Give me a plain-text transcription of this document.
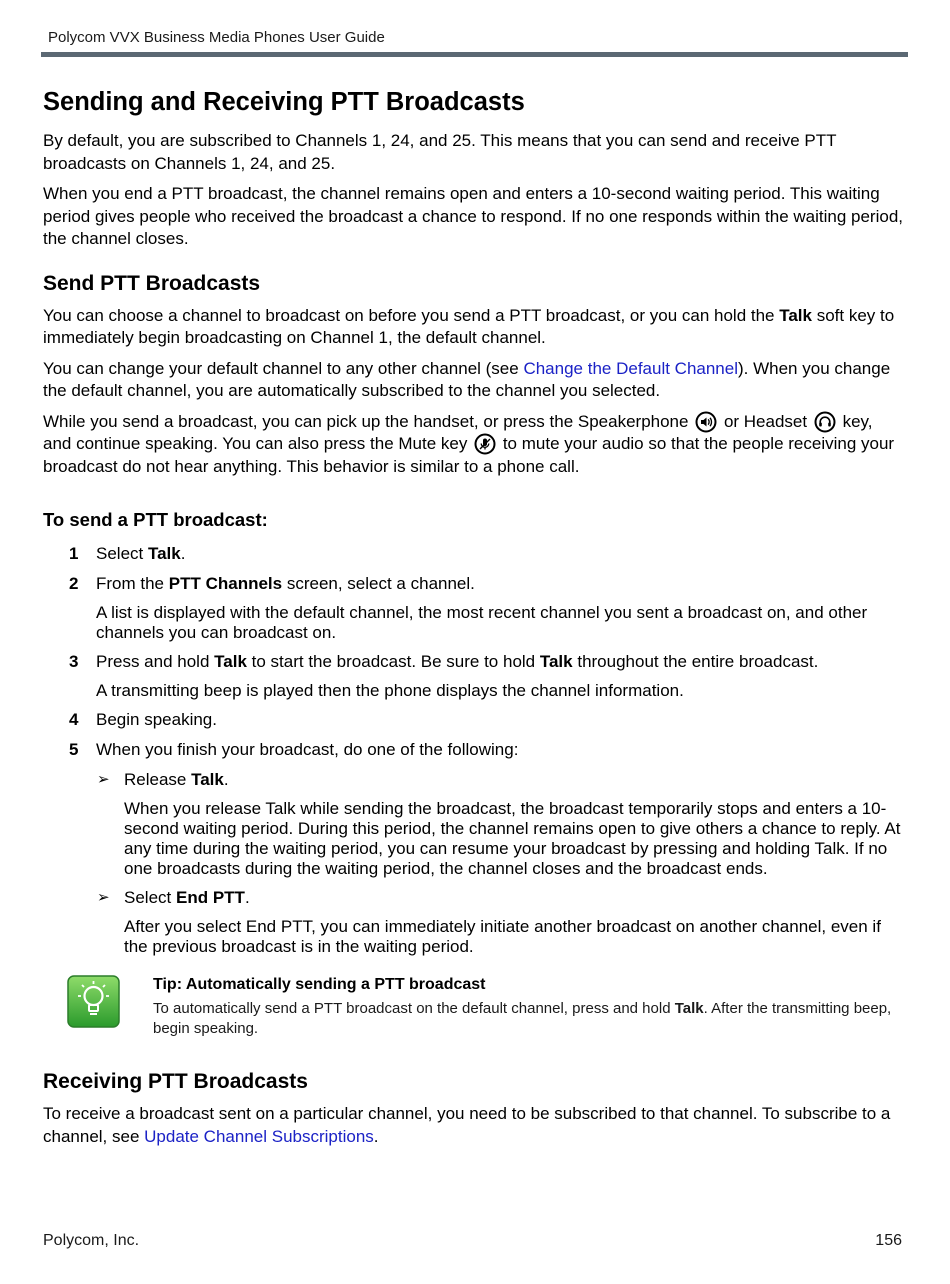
Polycom VVX Business Media Phones User Guide
Sending and Receiving PTT Broadcasts

By default, you are subscribed to Channels 1, 24, and 25. This means that you can send and receive PTT broadcasts on Channels 1, 24, and 25.

When you end a PTT broadcast, the channel remains open and enters a 10-second waiting period. This waiting period gives people who received the broadcast a chance to respond. If no one responds within the waiting period, the channel closes.

Send PTT Broadcasts

You can choose a channel to broadcast on before you send a PTT broadcast, or you can hold the Talk soft key to immediately begin broadcasting on Channel 1, the default channel.

You can change your default channel to any other channel (see Change the Default Channel). When you change the default channel, you are automatically subscribed to the channel you selected.

While you send a broadcast, you can pick up the handset, or press the Speakerphone or Headset key, and continue speaking. You can also press the Mute key to mute your audio so that the people receiving your broadcast do not hear anything. This behavior is similar to a phone call.

To send a PTT broadcast:
1 Select Talk.
2 From the PTT Channels screen, select a channel.
A list is displayed with the default channel, the most recent channel you sent a broadcast on, and other channels you can broadcast on.
3 Press and hold Talk to start the broadcast. Be sure to hold Talk throughout the entire broadcast.
A transmitting beep is played then the phone displays the channel information.
4 Begin speaking.
5 When you finish your broadcast, do one of the following:
➢ Release Talk.
When you release Talk while sending the broadcast, the broadcast temporarily stops and enters a 10-second waiting period. During this period, the channel remains open to give others a chance to reply. At any time during the waiting period, you can resume your broadcast by pressing and holding Talk. If no one broadcasts during the waiting period, the channel closes and the broadcast ends.
➢ Select End PTT.
After you select End PTT, you can immediately initiate another broadcast on another channel, even if the previous broadcast is in the waiting period.
Tip: Automatically sending a PTT broadcast

To automatically send a PTT broadcast on the default channel, press and hold Talk. After the transmitting beep, begin speaking.

Receiving PTT Broadcasts

To receive a broadcast sent on a particular channel, you need to be subscribed to that channel. To subscribe to a channel, see Update Channel Subscriptions.

Polycom, Inc.	156
